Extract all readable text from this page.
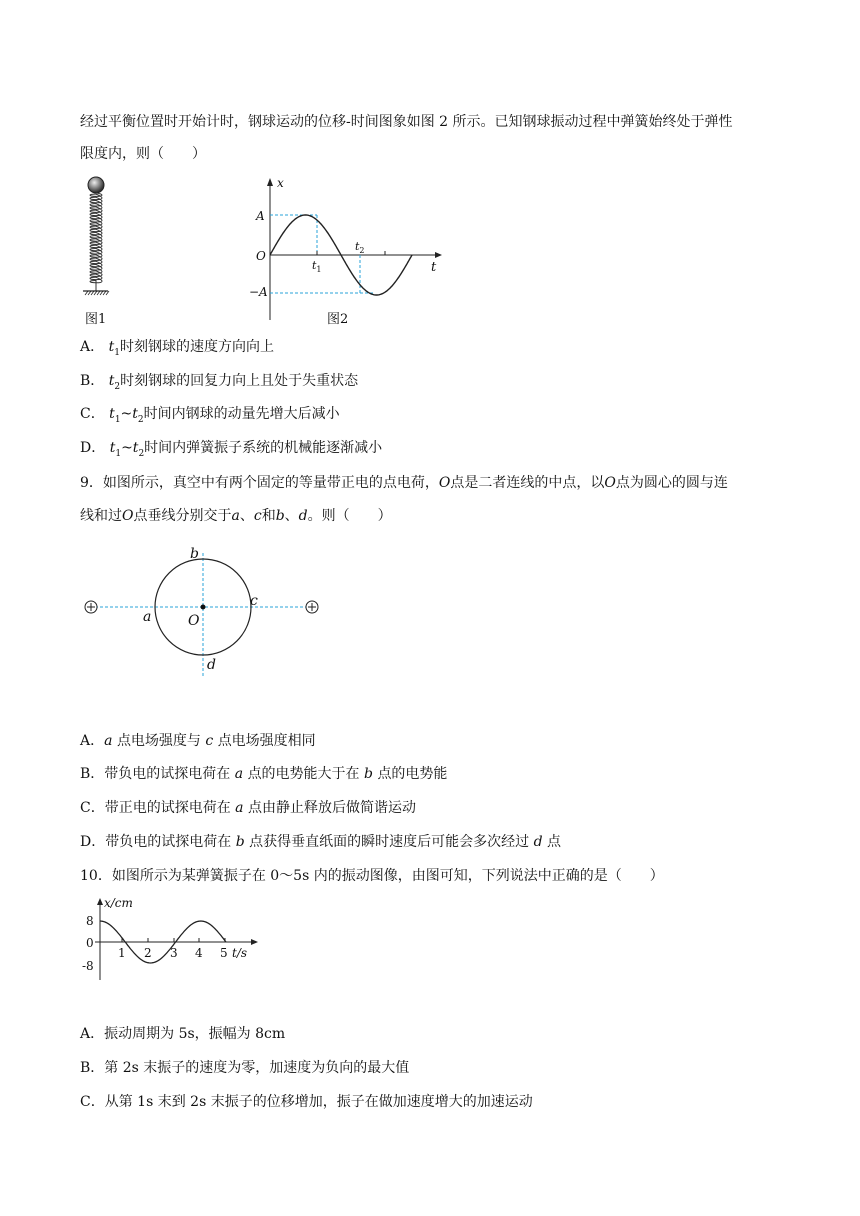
经过平衡位置时开始计时，钢球运动的位移-时间图象如图 2 所示。已知钢球振动过程中弹簧始终处于弹性
限度内，则（　　）
图1
x
t
O
A
−A
$t_1$
$t_2$
图2
A． $t_1$时刻钢球的速度方向向上
B． $t_2$时刻钢球的回复力向上且处于失重状态
C． $t_1\sim t_2$时间内钢球的动量先增大后减小
D． $t_1\sim t_2$时间内弹簧振子系统的机械能逐渐减小
9．如图所示，真空中有两个固定的等量带正电的点电荷，O点是二者连线的中点，以O点为圆心的圆与连
线和过O点垂线分别交于a、c和b、d。则（　　）
a
b
c
d
O
A．a 点电场强度与 c 点电场强度相同
B．带负电的试探电荷在 a 点的电势能大于在 b 点的电势能
C．带正电的试探电荷在 a 点由静止释放后做简谐运动
D．带负电的试探电荷在 b 点获得垂直纸面的瞬时速度后可能会多次经过 d 点
10．如图所示为某弹簧振子在 0～5s 内的振动图像，由图可知，下列说法中正确的是（　　）
x/cm
t/s
8
0
-8
1 2 3 4 5
A．振动周期为 5s，振幅为 8cm
B．第 2s 末振子的速度为零，加速度为负向的最大值
C．从第 1s 末到 2s 末振子的位移增加，振子在做加速度增大的加速运动
